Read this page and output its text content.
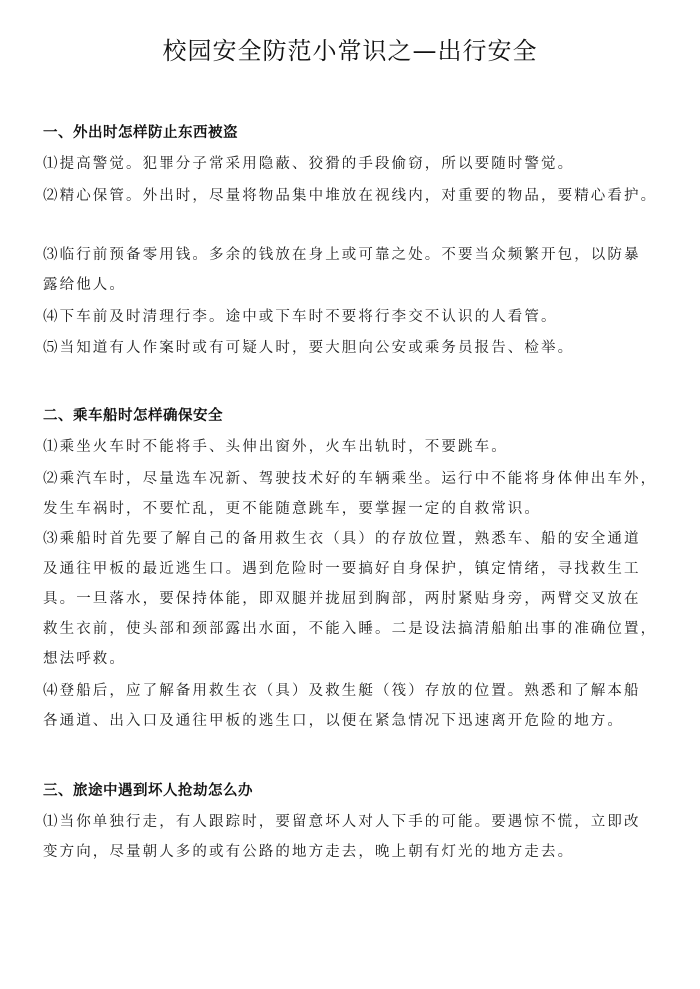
校园安全防范小常识之—出行安全
一、外出时怎样防止东西被盗
⑴提高警觉。犯罪分子常采用隐蔽、狡猾的手段偷窃，所以要随时警觉。
⑵精心保管。外出时，尽量将物品集中堆放在视线内，对重要的物品，要精心看护。
⑶临行前预备零用钱。多余的钱放在身上或可靠之处。不要当众频繁开包，以防暴
露给他人。
⑷下车前及时清理行李。途中或下车时不要将行李交不认识的人看管。
⑸当知道有人作案时或有可疑人时，要大胆向公安或乘务员报告、检举。
二、乘车船时怎样确保安全
⑴乘坐火车时不能将手、头伸出窗外，火车出轨时，不要跳车。
⑵乘汽车时，尽量选车况新、驾驶技术好的车辆乘坐。运行中不能将身体伸出车外，
发生车祸时，不要忙乱，更不能随意跳车，要掌握一定的自救常识。
⑶乘船时首先要了解自己的备用救生衣（具）的存放位置，熟悉车、船的安全通道
及通往甲板的最近逃生口。遇到危险时一要搞好自身保护，镇定情绪，寻找救生工
具。一旦落水，要保持体能，即双腿并拢屈到胸部，两肘紧贴身旁，两臂交叉放在
救生衣前，使头部和颈部露出水面，不能入睡。二是设法搞清船舶出事的准确位置，
想法呼救。
⑷登船后，应了解备用救生衣（具）及救生艇（筏）存放的位置。熟悉和了解本船
各通道、出入口及通往甲板的逃生口，以便在紧急情况下迅速离开危险的地方。
三、旅途中遇到坏人抢劫怎么办
⑴当你单独行走，有人跟踪时，要留意坏人对人下手的可能。要遇惊不慌，立即改
变方向，尽量朝人多的或有公路的地方走去，晚上朝有灯光的地方走去。
